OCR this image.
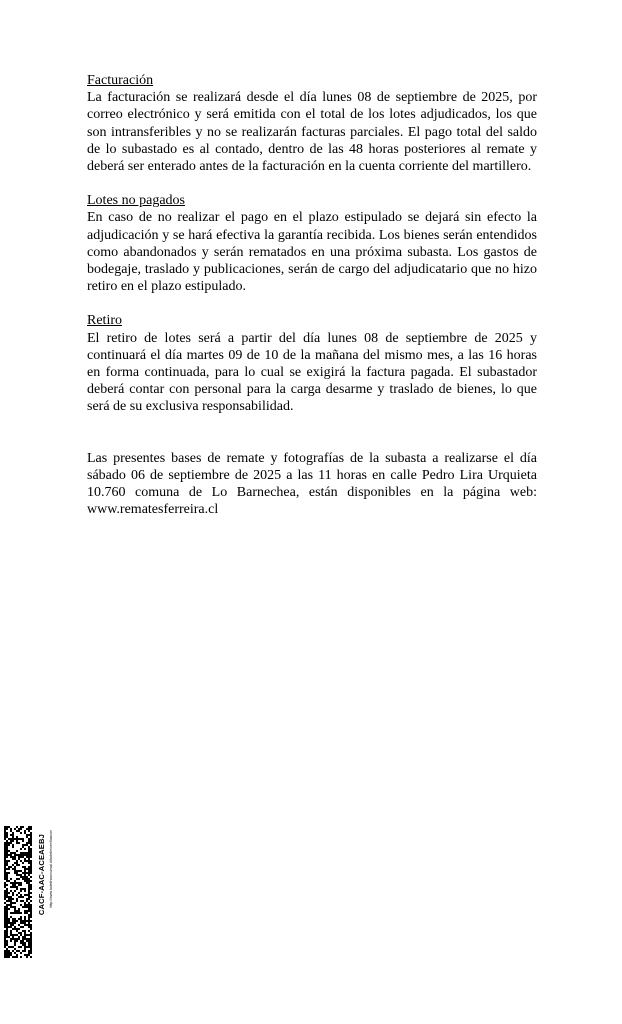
Facturación

La facturación se realizará desde el día lunes 08 de septiembre de 2025, por correo electrónico y será emitida con el total de los lotes adjudicados, los que son intransferibles y no se realizarán facturas parciales. El pago total del saldo de lo subastado es al contado, dentro de las 48 horas posteriores al remate y deberá ser enterado antes de la facturación en la cuenta corriente del martillero.

Lotes no pagados

En caso de no realizar el pago en el plazo estipulado se dejará sin efecto la adjudicación y se hará efectiva la garantía recibida. Los bienes serán entendidos como abandonados y serán rematados en una próxima subasta. Los gastos de bodegaje, traslado y publicaciones, serán de cargo del adjudicatario que no hizo retiro en el plazo estipulado.

Retiro

El retiro de lotes será a partir del día lunes 08 de septiembre de 2025 y continuará el día martes 09 de 10 de la mañana del mismo mes, a las 16 horas en forma continuada, para lo cual se exigirá la factura pagada. El subastador deberá contar con personal para la carga desarme y traslado de bienes, lo que será de su exclusiva responsabilidad.

Las presentes bases de remate y fotografías de la subasta a realizarse el día sábado 06 de septiembre de 2025 a las 11 horas en calle Pedro Lira Urquieta 10.760 comuna de Lo Barnechea, están disponibles en la página web: www.rematesferreira.cl

CACF-AAC-ACEAEBJ http://www.boletinconcursal.cl/boletin/verificacion
